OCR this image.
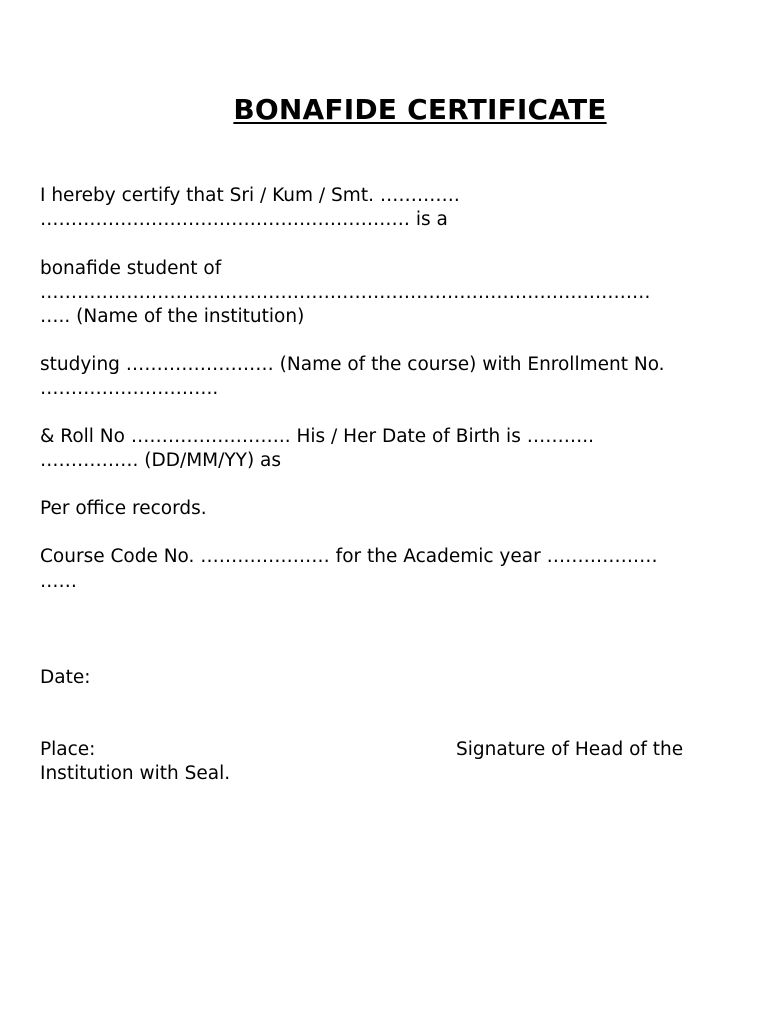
BONAFIDE CERTIFICATE
I hereby certify that Sri / Kum / Smt. ………….
…………………………………………………… is a
bonafide student of
………………………………………………………………………………………
….. (Name of the institution)
studying …………………… (Name of the course) with Enrollment No.
………………………..
& Roll No …………………….. His / Her Date of Birth is ………..
……………. (DD/MM/YY) as
Per office records.
Course Code No. ………………… for the Academic year ………………
……
Date:
Place:	Signature of Head of the
Institution with Seal.
